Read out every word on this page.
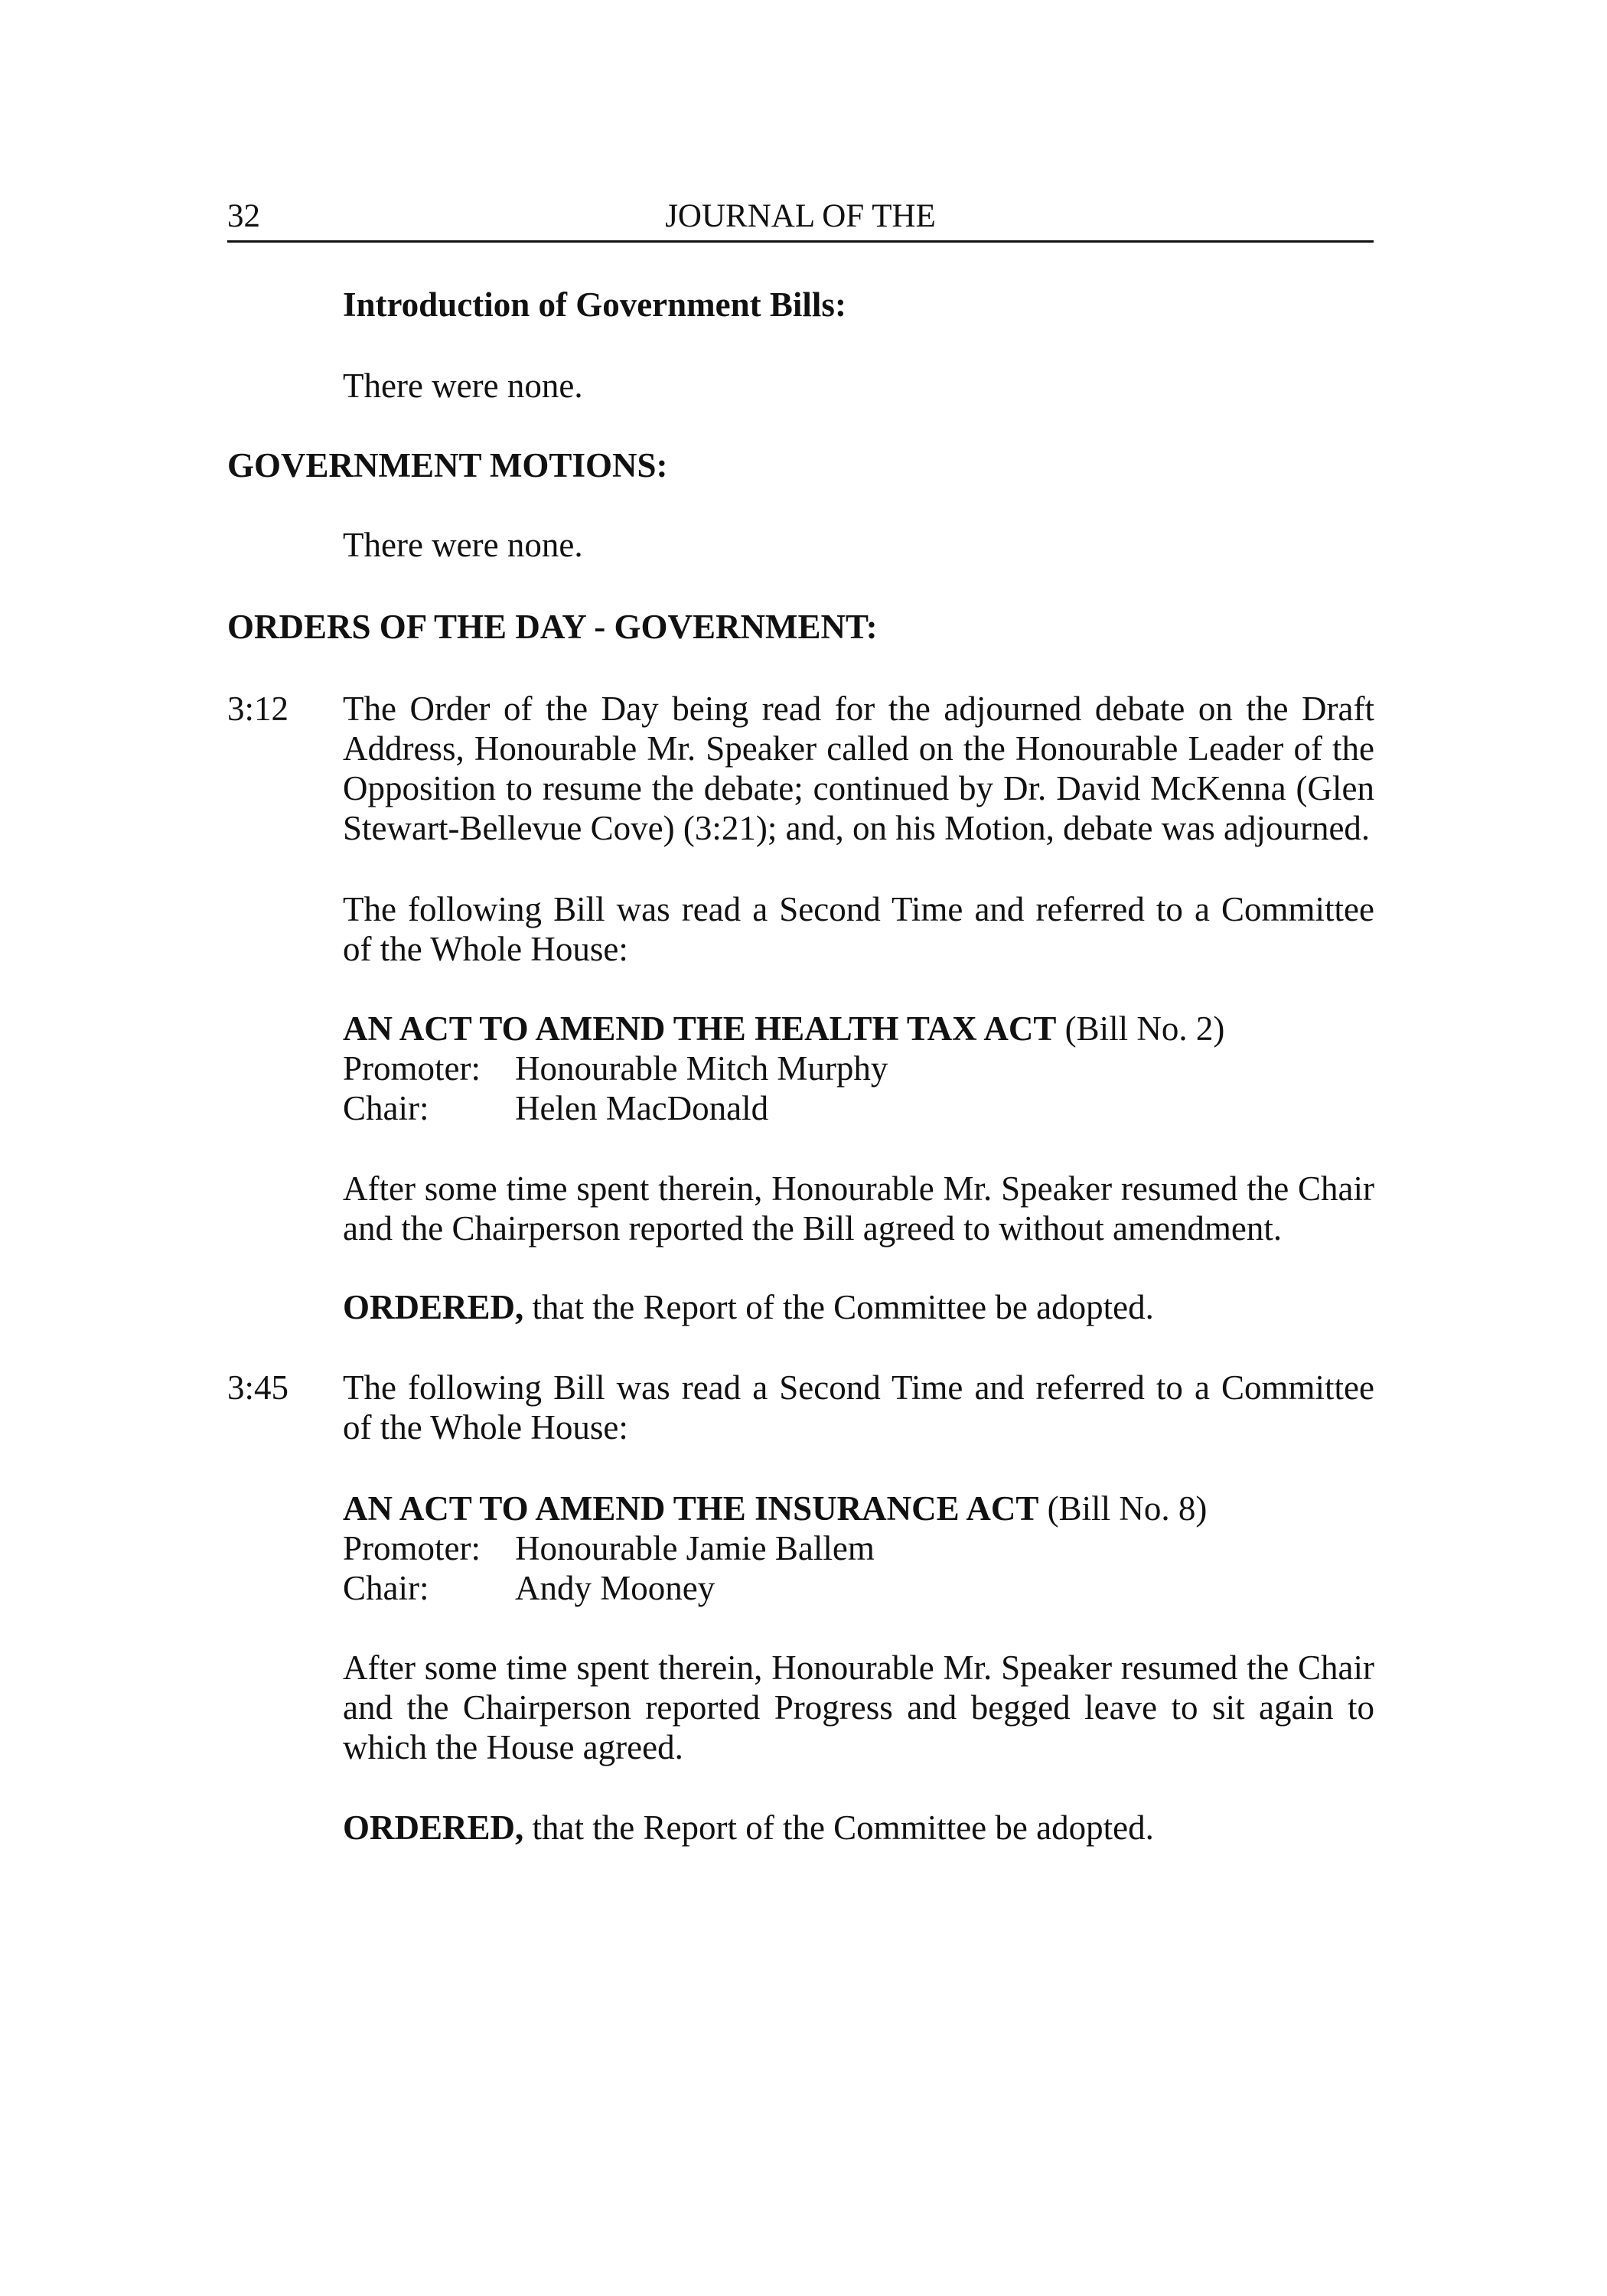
32	JOURNAL OF THE
Introduction of Government Bills:
There were none.
GOVERNMENT MOTIONS:
There were none.
ORDERS OF THE DAY - GOVERNMENT:
3:12 The Order of the Day being read for the adjourned debate on the Draft Address, Honourable Mr. Speaker called on the Honourable Leader of the Opposition to resume the debate; continued by Dr. David McKenna (Glen Stewart-Bellevue Cove) (3:21); and, on his Motion, debate was adjourned.
The following Bill was read a Second Time and referred to a Committee of the Whole House:
AN ACT TO AMEND THE HEALTH TAX ACT (Bill No. 2)
Promoter: Honourable Mitch Murphy
Chair:	Helen MacDonald
After some time spent therein, Honourable Mr. Speaker resumed the Chair and the Chairperson reported the Bill agreed to without amendment.
ORDERED, that the Report of the Committee be adopted.
3:45 The following Bill was read a Second Time and referred to a Committee of the Whole House:
AN ACT TO AMEND THE INSURANCE ACT (Bill No. 8)
Promoter: Honourable Jamie Ballem
Chair:	Andy Mooney
After some time spent therein, Honourable Mr. Speaker resumed the Chair and the Chairperson reported Progress and begged leave to sit again to which the House agreed.
ORDERED, that the Report of the Committee be adopted.
